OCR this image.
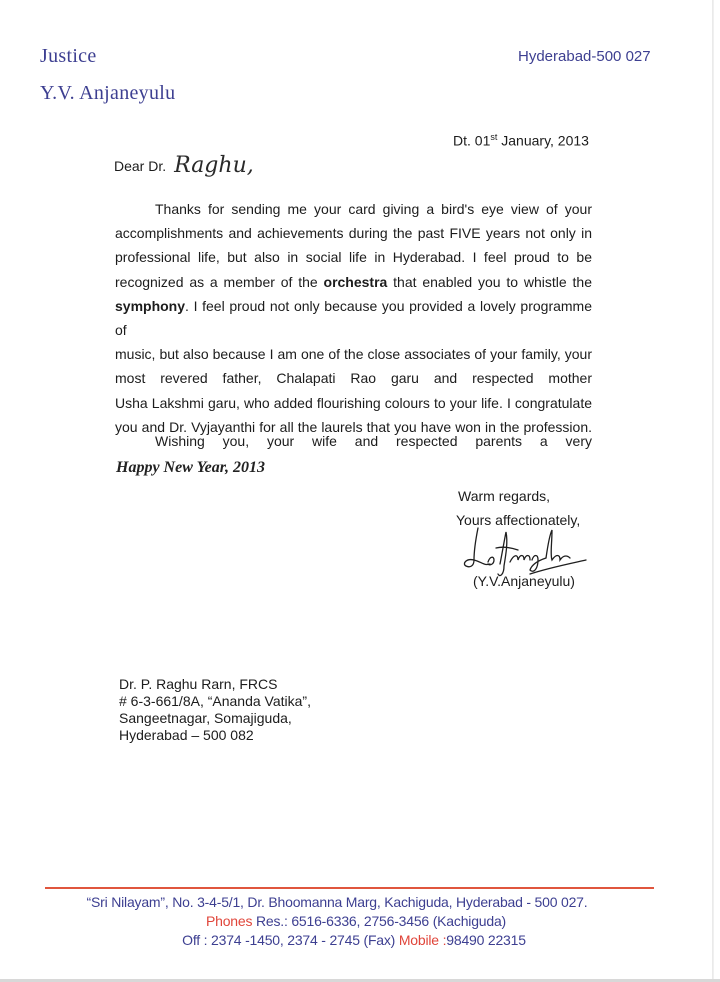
Justice
Y.V. Anjaneyulu
Hyderabad-500 027
Dt. 01st January, 2013
Dear Dr. Raghu,
Thanks for sending me your card giving a bird's eye view of your
accomplishments and achievements during the past FIVE years not only in
professional life, but also in social life in Hyderabad. I feel proud to be
recognized as a member of the orchestra that enabled you to whistle the
symphony. I feel proud not only because you provided a lovely programme of
music, but also because I am one of the close associates of your family, your
most revered father, Chalapati Rao garu and respected mother
Usha Lakshmi garu, who added flourishing colours to your life. I congratulate
you and Dr. Vyjayanthi for all the laurels that you have won in the profession.
Wishing you, your wife and respected parents a very
Happy New Year, 2013
Warm regards,
Yours affectionately,
(Y.V.Anjaneyulu)
Dr. P. Raghu Rarn, FRCS
# 6-3-661/8A, “Ananda Vatika”,
Sangeetnagar, Somajiguda,
Hyderabad – 500 082
“Sri Nilayam”, No. 3-4-5/1, Dr. Bhoomanna Marg, Kachiguda, Hyderabad - 500 027.
Phones Res.: 6516-6336, 2756-3456 (Kachiguda)
Off : 2374 -1450, 2374 - 2745 (Fax) Mobile :98490 22315
